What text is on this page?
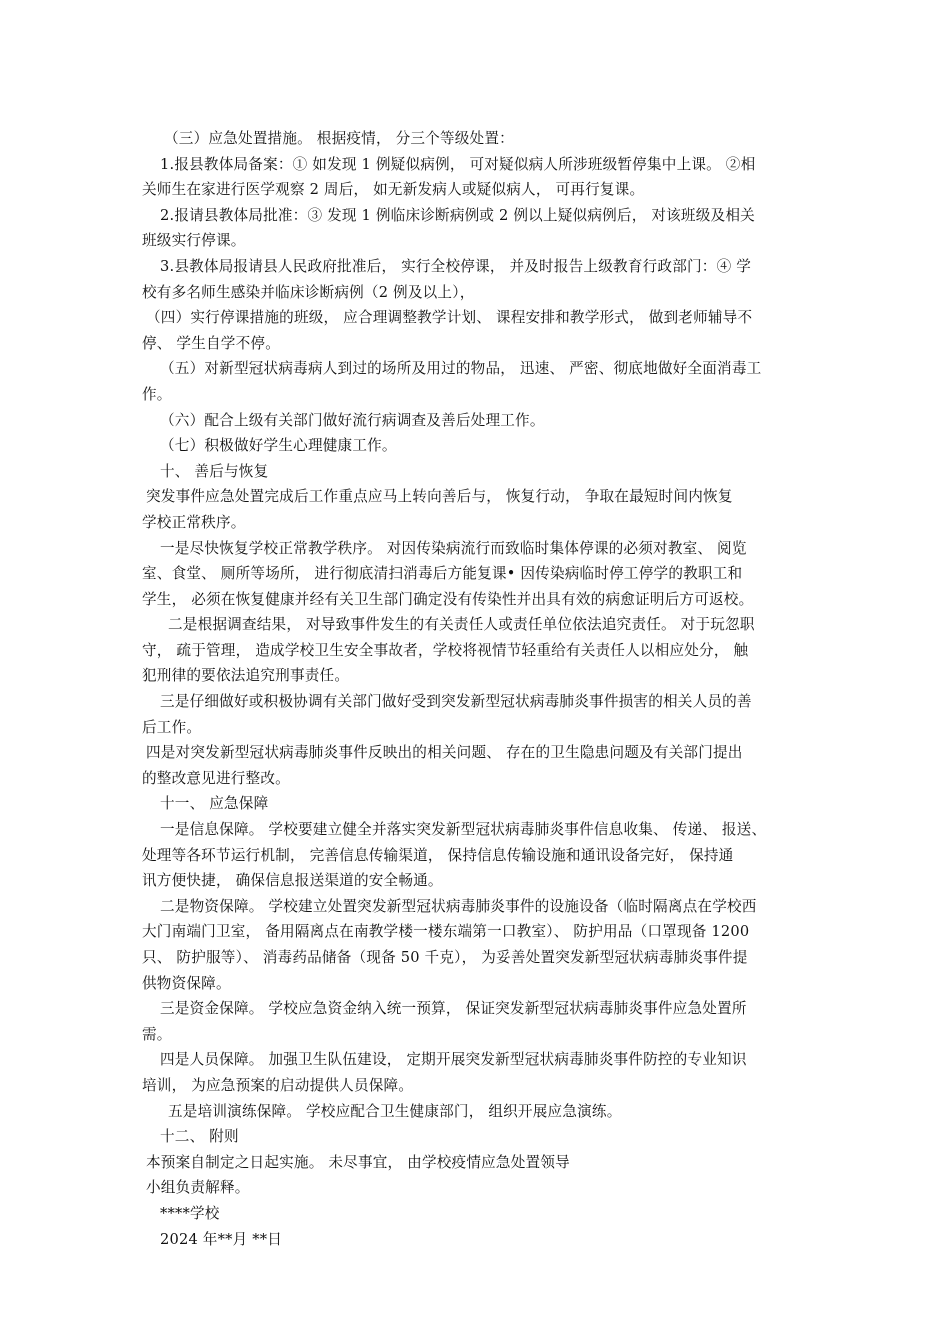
（三）应急处置措施。 根据疫情， 分三个等级处置：
1.报县教体局备案：① 如发现 1 例疑似病例， 可对疑似病人所涉班级暂停集中上课。 ②相
关师生在家进行医学观察 2 周后， 如无新发病人或疑似病人， 可再行复课。
2.报请县教体局批准：③ 发现 1 例临床诊断病例或 2 例以上疑似病例后， 对该班级及相关
班级实行停课。
3.县教体局报请县人民政府批准后， 实行全校停课， 并及时报告上级教育行政部门：④ 学
校有多名师生感染并临床诊断病例（2 例及以上），
（四）实行停课措施的班级， 应合理调整教学计划、 课程安排和教学形式， 做到老师辅导不
停、 学生自学不停。
（五）对新型冠状病毒病人到过的场所及用过的物品， 迅速、 严密、彻底地做好全面消毒工
作。
（六）配合上级有关部门做好流行病调查及善后处理工作。
（七）积极做好学生心理健康工作。
十、 善后与恢复
突发事件应急处置完成后工作重点应马上转向善后与， 恢复行动， 争取在最短时间内恢复
学校正常秩序。
一是尽快恢复学校正常教学秩序。 对因传染病流行而致临时集体停课的必须对教室、 阅览
室、食堂、 厕所等场所， 进行彻底清扫消毒后方能复课• 因传染病临时停工停学的教职工和
学生， 必须在恢复健康并经有关卫生部门确定没有传染性并出具有效的病愈证明后方可返校。
二是根据调查结果， 对导致事件发生的有关责任人或责任单位依法追究责任。 对于玩忽职
守， 疏于管理， 造成学校卫生安全事故者，学校将视情节轻重给有关责任人以相应处分， 触
犯刑律的要依法追究刑事责任。
三是仔细做好或积极协调有关部门做好受到突发新型冠状病毒肺炎事件损害的相关人员的善
后工作。
四是对突发新型冠状病毒肺炎事件反映出的相关问题、 存在的卫生隐患问题及有关部门提出
的整改意见进行整改。
十一、 应急保障
一是信息保障。 学校要建立健全并落实突发新型冠状病毒肺炎事件信息收集、 传递、 报送、
处理等各环节运行机制， 完善信息传输渠道， 保持信息传输设施和通讯设备完好， 保持通
讯方便快捷， 确保信息报送渠道的安全畅通。
二是物资保障。 学校建立处置突发新型冠状病毒肺炎事件的设施设备（临时隔离点在学校西
大门南端门卫室， 备用隔离点在南教学楼一楼东端第一口教室）、 防护用品（口罩现备 1200
只、 防护服等）、 消毒药品储备（现备 50 千克）， 为妥善处置突发新型冠状病毒肺炎事件提
供物资保障。
三是资金保障。 学校应急资金纳入统一预算， 保证突发新型冠状病毒肺炎事件应急处置所
需。
四是人员保障。 加强卫生队伍建设， 定期开展突发新型冠状病毒肺炎事件防控的专业知识
培训， 为应急预案的启动提供人员保障。
五是培训演练保障。 学校应配合卫生健康部门， 组织开展应急演练。
十二、 附则
本预案自制定之日起实施。 未尽事宜， 由学校疫情应急处置领导
小组负责解释。
****学校
2024 年**月 **日
